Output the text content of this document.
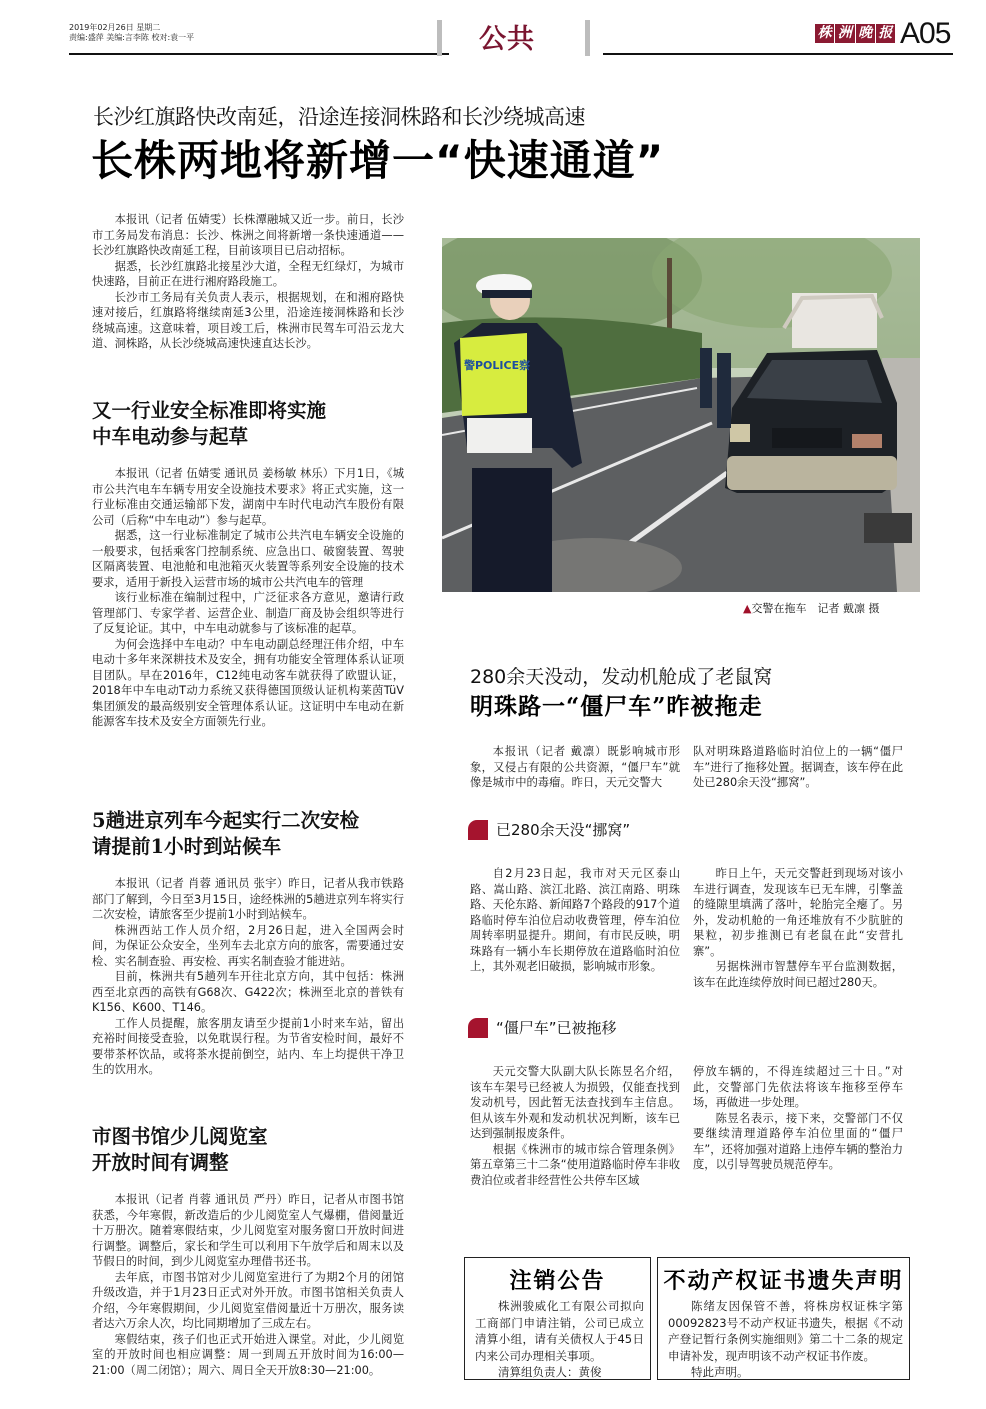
2019年02月26日 星期二
责编:盛萍 美编:言李陈 校对:袁一平	公共	株 洲 晚 报 A05
长沙红旗路快改南延，沿途连接洞株路和长沙绕城高速
长株两地将新增一“快速通道”

本报讯（记者 伍婧雯）长株潭融城又近一步。前日，长沙市工务局发布消息：长沙、株洲之间将新增一条快速通道——长沙红旗路快改南延工程，目前该项目已启动招标。

据悉，长沙红旗路北接星沙大道，全程无红绿灯，为城市快速路，目前正在进行湘府路段施工。

长沙市工务局有关负责人表示，根据规划，在和湘府路快速对接后，红旗路将继续南延3公里，沿途连接洞株路和长沙绕城高速。这意味着，项目竣工后，株洲市民驾车可沿云龙大道、洞株路，从长沙绕城高速快速直达长沙。

又一行业安全标准即将实施
中车电动参与起草

本报讯（记者 伍婧雯 通讯员 姜杨敏 林乐）下月1日，《城市公共汽电车车辆专用安全设施技术要求》将正式实施，这一行业标准由交通运输部下发，湖南中车时代电动汽车股份有限公司（后称“中车电动”）参与起草。

据悉，这一行业标准制定了城市公共汽电车辆安全设施的一般要求，包括乘客门控制系统、应急出口、破窗装置、驾驶区隔离装置、电池舱和电池箱灭火装置等系列安全设施的技术要求，适用于新投入运营市场的城市公共汽电车的管理

该行业标准在编制过程中，广泛征求各方意见，邀请行政管理部门、专家学者、运营企业、制造厂商及协会组织等进行了反复论证。其中，中车电动就参与了该标准的起草。

为何会选择中车电动？中车电动副总经理汪伟介绍，中车电动十多年来深耕技术及安全，拥有功能安全管理体系认证项目团队。早在2016年，C12纯电动客车就获得了欧盟认证，2018年中车电动T动力系统又获得德国顶级认证机构莱茵TüV集团颁发的最高级别安全管理体系认证。这证明中车电动在新能源客车技术及安全方面领先行业。

5趟进京列车今起实行二次安检
请提前1小时到站候车

本报讯（记者 肖蓉 通讯员 张宇）昨日，记者从我市铁路部门了解到，今日至3月15日，途经株洲的5趟进京列车将实行二次安检，请旅客至少提前1小时到站候车。

株洲西站工作人员介绍，2月26日起，进入全国两会时间，为保证公众安全，坐列车去北京方向的旅客，需要通过安检、实名制查验、再安检、再实名制查验才能进站。

目前，株洲共有5趟列车开往北京方向，其中包括：株洲西至北京西的高铁有G68次、G422次；株洲至北京的普铁有K156、K600、T146。

工作人员提醒，旅客朋友请至少提前1小时来车站，留出充裕时间接受查验，以免耽误行程。为节省安检时间，最好不要带茶杯饮品，或将茶水提前倒空，站内、车上均提供干净卫生的饮用水。

市图书馆少儿阅览室
开放时间有调整

本报讯（记者 肖蓉 通讯员 严丹）昨日，记者从市图书馆获悉，今年寒假，新改造后的少儿阅览室人气爆棚，借阅量近十万册次。随着寒假结束，少儿阅览室对服务窗口开放时间进行调整。调整后，家长和学生可以利用下午放学后和周末以及节假日的时间，到少儿阅览室办理借书还书。

去年底，市图书馆对少儿阅览室进行了为期2个月的闭馆升级改造，并于1月23日正式对外开放。市图书馆相关负责人介绍，今年寒假期间，少儿阅览室借阅量近十万册次，服务读者达六万余人次，均比同期增加了三成左右。

寒假结束，孩子们也正式开始进入课堂。对此，少儿阅览室的开放时间也相应调整：周一到周五开放时间为16:00—21:00（周二闭馆）；周六、周日全天开放8:30—21:00。

警POLICE察
▲交警在拖车　记者 戴凛 摄
280余天没动，发动机舱成了老鼠窝
明珠路一“僵尸车”昨被拖走

本报讯（记者 戴凛）既影响城市形象，又侵占有限的公共资源，“僵尸车”就像是城市中的毒瘤。昨日，天元交警大

队对明珠路道路临时泊位上的一辆“僵尸车”进行了拖移处置。据调查，该车停在此处已280余天没“挪窝”。

已280余天没“挪窝”

自2月23日起，我市对天元区泰山路、嵩山路、滨江北路、滨江南路、明珠路、天伦东路、新闻路7个路段的917个道路临时停车泊位启动收费管理，停车泊位周转率明显提升。期间，有市民反映，明珠路有一辆小车长期停放在道路临时泊位上，其外观老旧破损，影响城市形象。

昨日上午，天元交警赶到现场对该小车进行调查，发现该车已无车牌，引擎盖的缝隙里填满了落叶，轮胎完全瘪了。另外，发动机舱的一角还堆放有不少肮脏的果粒，初步推测已有老鼠在此“安营扎寨”。

另据株洲市智慧停车平台监测数据，该车在此连续停放时间已超过280天。

“僵尸车”已被拖移

天元交警大队副大队长陈昱名介绍，该车车架号已经被人为损毁，仅能查找到发动机号，因此暂无法查找到车主信息。但从该车外观和发动机状况判断，该车已达到强制报废条件。

根据《株洲市的城市综合管理条例》第五章第三十二条“使用道路临时停车非收费泊位或者非经营性公共停车区域

停放车辆的，不得连续超过三十日。”对此，交警部门先依法将该车拖移至停车场，再做进一步处理。

陈昱名表示，接下来，交警部门不仅要继续清理道路停车泊位里面的“僵尸车”，还将加强对道路上违停车辆的整治力度，以引导驾驶员规范停车。

注销公告

株洲骏威化工有限公司拟向工商部门申请注销，公司已成立清算小组，请有关债权人于45日内来公司办理相关事项。

清算组负责人：黄俊

不动产权证书遗失声明

陈绪友因保管不善，将株房权证株字第00092823号不动产权证书遗失，根据《不动产登记暂行条例实施细则》第二十二条的规定申请补发，现声明该不动产权证书作废。

特此声明。
